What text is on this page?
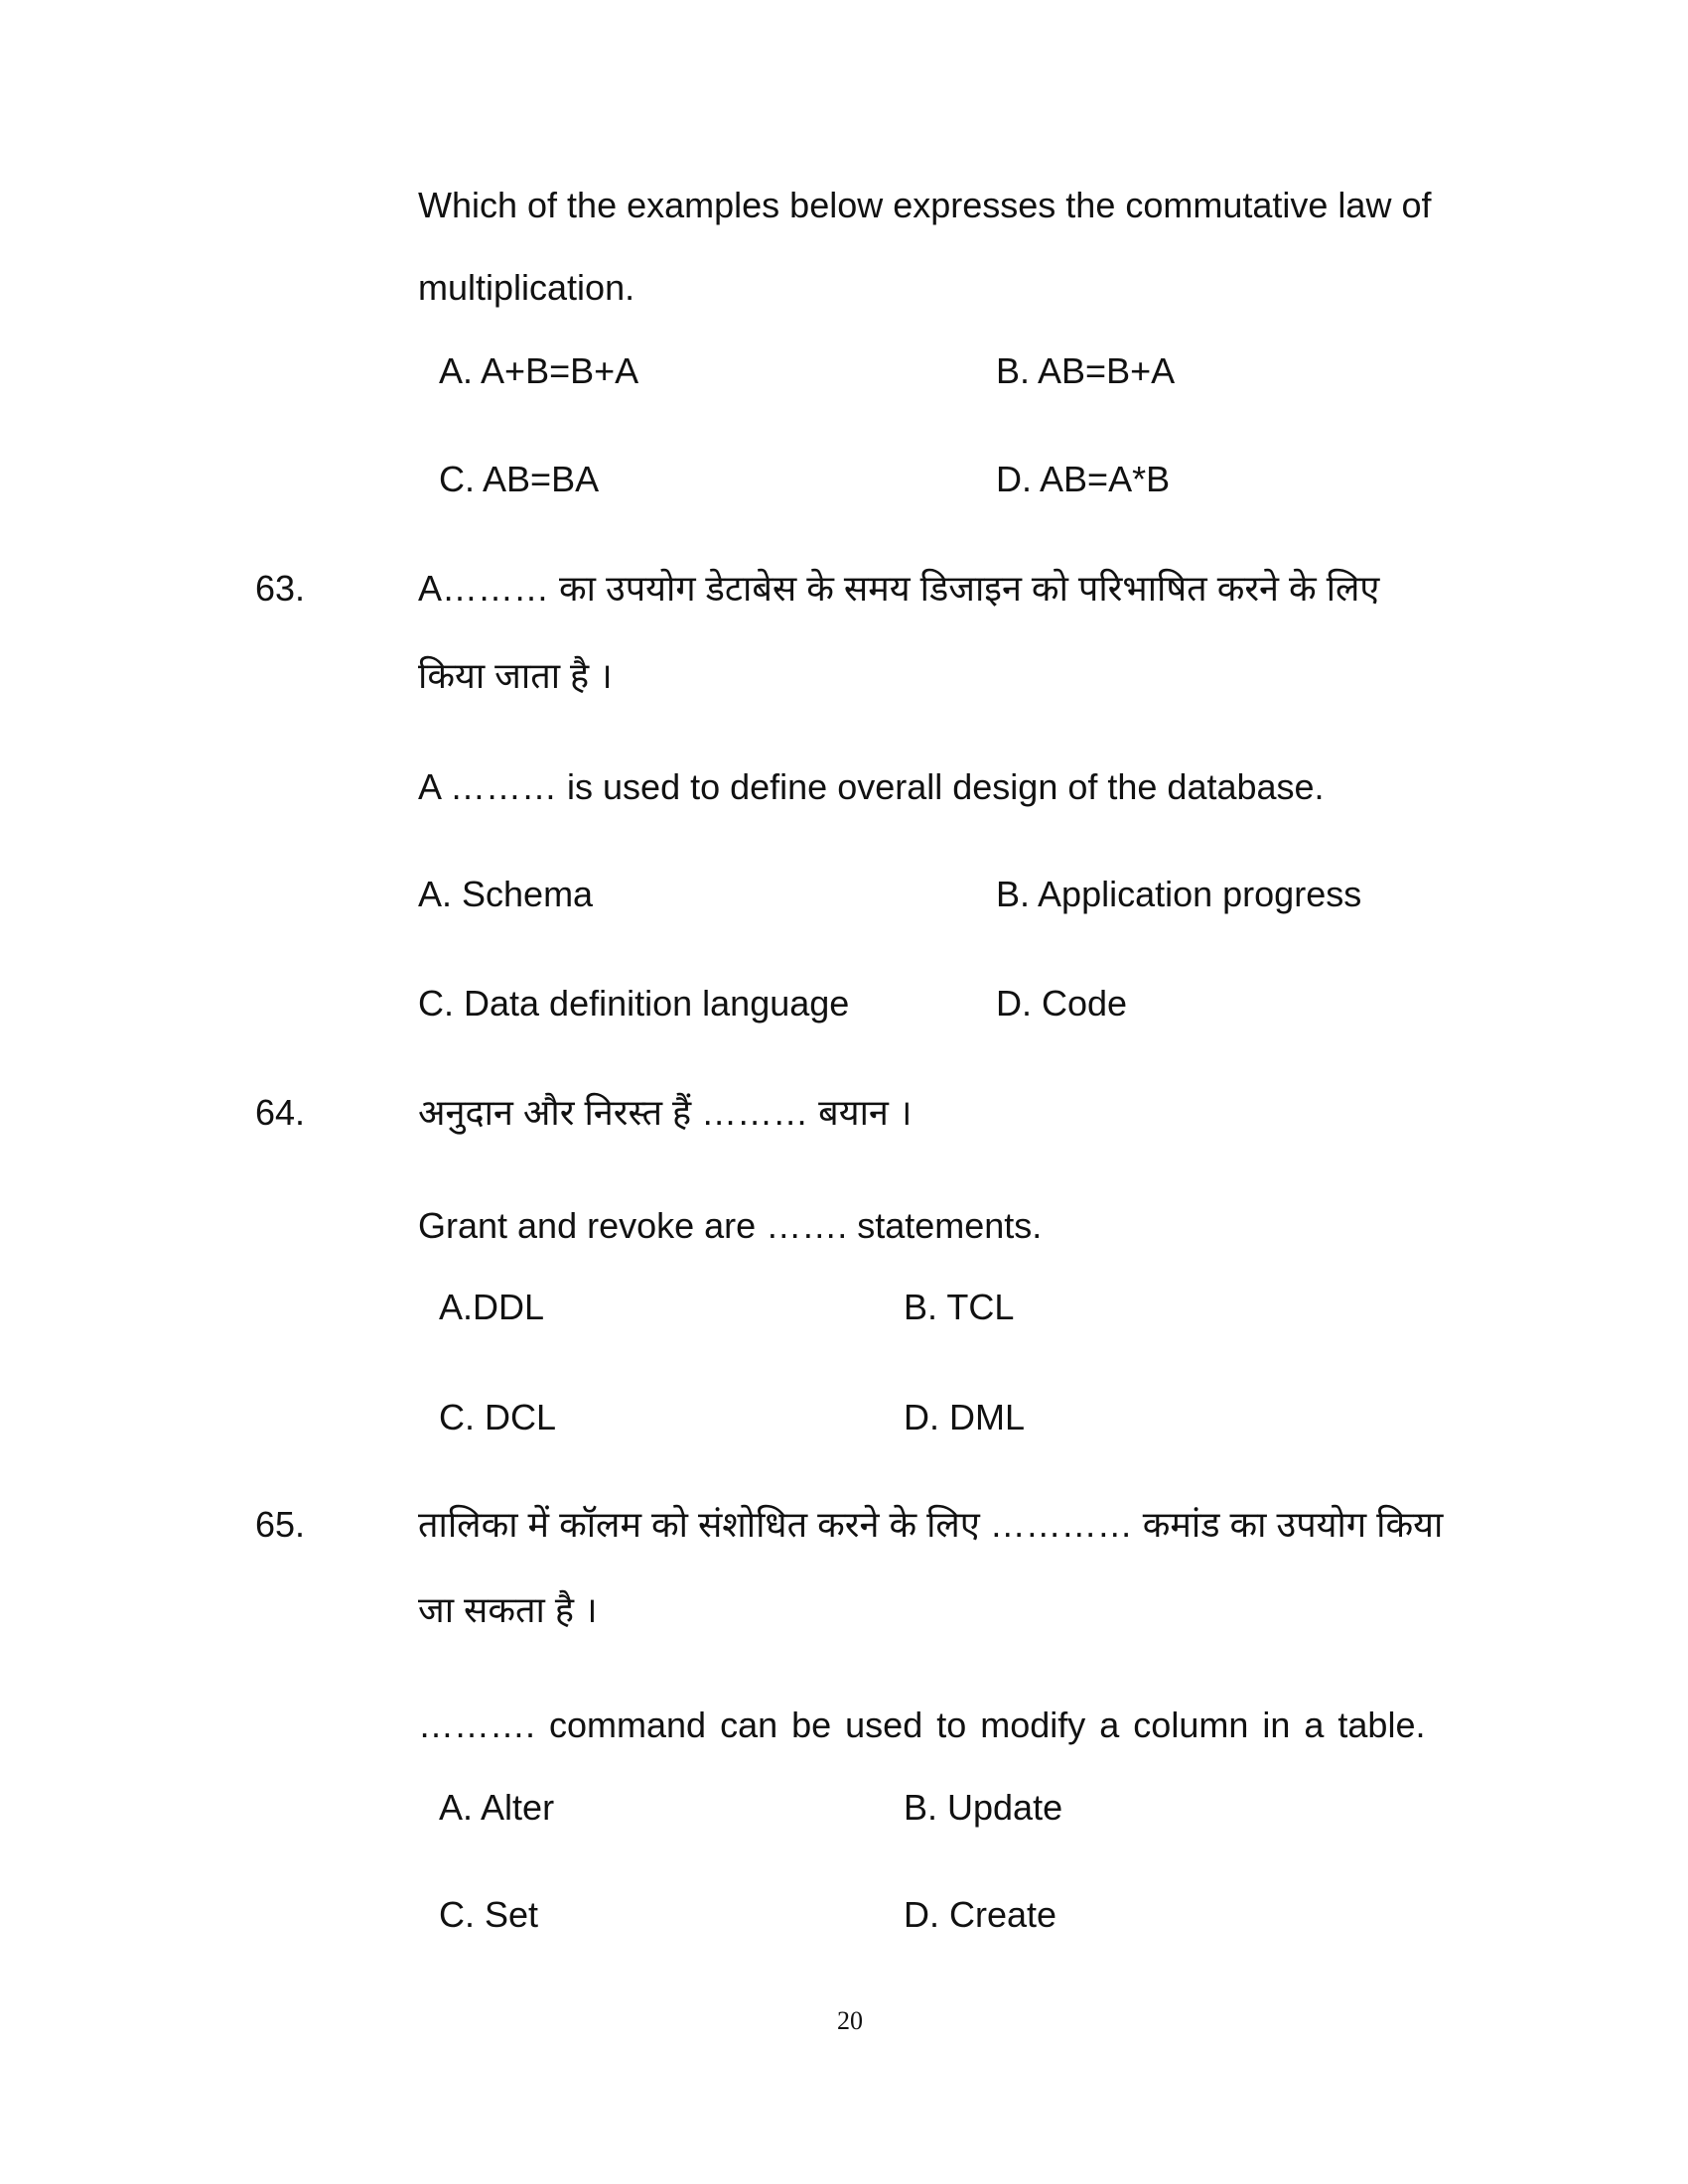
Which of the examples below expresses the commutative law of
multiplication.
A. A+B=B+A	B. AB=B+A
C. AB=BA	D. AB=A*B
63.	A……… का उपयोग डेटाबेस के समय डिजाइन को परिभाषित करने के लिए
किया जाता है ।
A ……… is used to define overall design of the database.
A. Schema	B. Application progress
C. Data definition language	D. Code
64.	अनुदान और निरस्त हैं ……… बयान ।
Grant and revoke are ……. statements.
A.DDL	B. TCL
C. DCL	D. DML
65.	तालिका में कॉलम को संशोधित करने के लिए ………… कमांड का उपयोग किया
जा सकता है ।
………. command can be used to modify a column in a table.
A. Alter	B. Update
C. Set	D. Create
20
